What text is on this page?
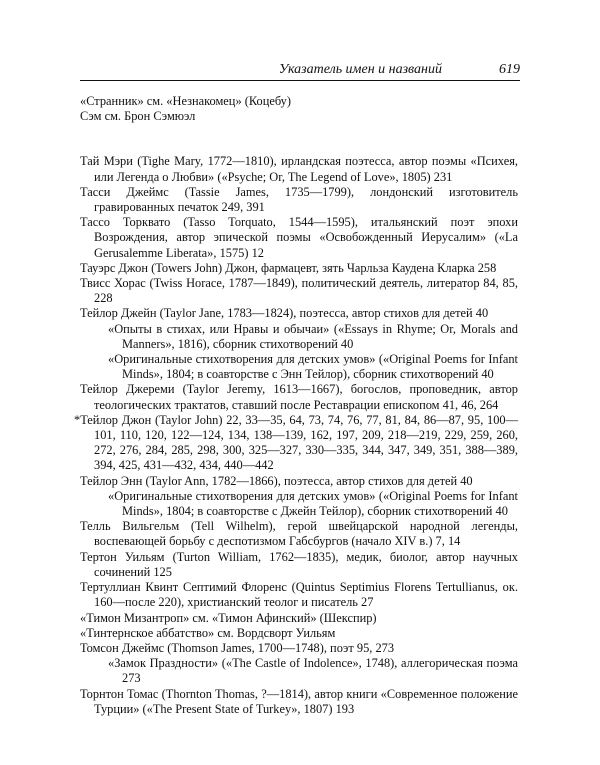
Указатель имен и названий	619
«Странник» см. «Незнакомец» (Коцебу)
Сэм см. Брон Сэмюэл
Тай Мэри (Tighe Mary, 1772—1810), ирландская поэтесса, автор поэмы «Психея, или Легенда о Любви» («Psyche; Or, The Legend of Love», 1805) 231
Тасси Джеймс (Tassie James, 1735—1799), лондонский изготовитель гравированных печаток 249, 391
Тассо Торквато (Tasso Torquato, 1544—1595), итальянский поэт эпохи Возрождения, автор эпической поэмы «Освобожденный Иерусалим» («La Gerusalemme Liberata», 1575) 12
Тауэрс Джон (Towers John) Джон, фармацевт, зять Чарльза Каудена Кларка 258
Твисс Хорас (Twiss Horace, 1787—1849), политический деятель, литератор 84, 85, 228
Тейлор Джейн (Taylor Jane, 1783—1824), поэтесса, автор стихов для детей 40
«Опыты в стихах, или Нравы и обычаи» («Essays in Rhyme; Or, Morals and Manners», 1816), сборник стихотворений 40
«Оригинальные стихотворения для детских умов» («Original Poems for Infant Minds», 1804; в соавторстве с Энн Тейлор), сборник стихотворений 40
Тейлор Джереми (Taylor Jeremy, 1613—1667), богослов, проповедник, автор теологических трактатов, ставший после Реставрации епископом 41, 46, 264
*Тейлор Джон (Taylor John) 22, 33—35, 64, 73, 74, 76, 77, 81, 84, 86—87, 95, 100—101, 110, 120, 122—124, 134, 138—139, 162, 197, 209, 218—219, 229, 259, 260, 272, 276, 284, 285, 298, 300, 325—327, 330—335, 344, 347, 349, 351, 388—389, 394, 425, 431—432, 434, 440—442
Тейлор Энн (Taylor Ann, 1782—1866), поэтесса, автор стихов для детей 40
«Оригинальные стихотворения для детских умов» («Original Poems for Infant Minds», 1804; в соавторстве с Джейн Тейлор), сборник стихотворений 40
Телль Вильгельм (Tell Wilhelm), герой швейцарской народной легенды, воспевающей борьбу с деспотизмом Габсбургов (начало XIV в.) 7, 14
Тертон Уильям (Turton William, 1762—1835), медик, биолог, автор научных сочинений 125
Тертуллиан Квинт Септимий Флоренс (Quintus Septimius Florens Tertullianus, ок. 160—после 220), христианский теолог и писатель 27
«Тимон Мизантроп» см. «Тимон Афинский» (Шекспир)
«Тинтернское аббатство» см. Вордсворт Уильям
Томсон Джеймс (Thomson James, 1700—1748), поэт 95, 273
«Замок Праздности» («The Castle of Indolence», 1748), аллегорическая поэма 273
Торнтон Томас (Thornton Thomas, ?—1814), автор книги «Современное положение Турции» («The Present State of Turkey», 1807) 193
